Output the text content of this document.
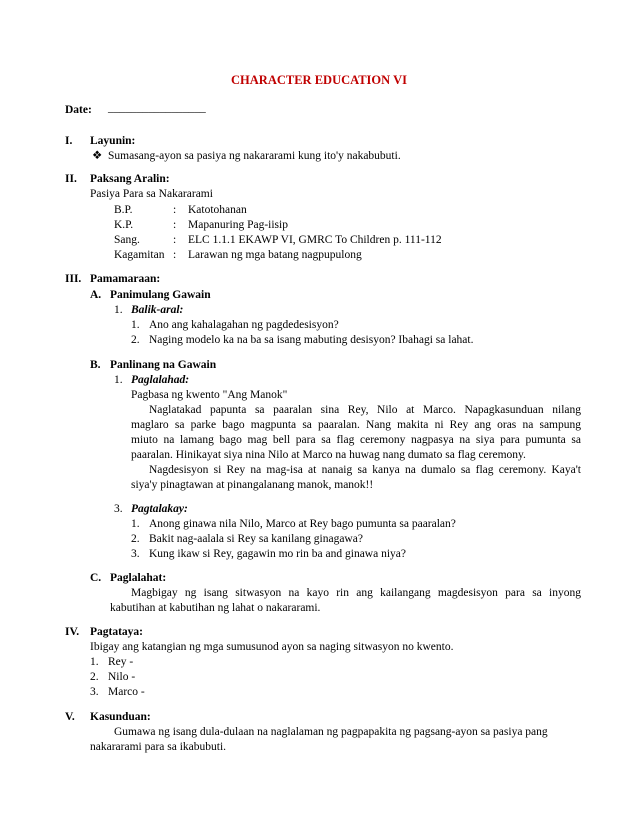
CHARACTER EDUCATION VI
Date: _________________
I. Layunin:
❖ Sumasang-ayon sa pasiya ng nakararami kung ito'y nakabubuti.
II. Paksang Aralin:
Pasiya Para sa Nakararami
B.P.	: Katotohanan
K.P.	: Mapanuring Pag-iisip
Sang.	: ELC 1.1.1 EKAWP VI, GMRC To Children p. 111-112
Kagamitan : Larawan ng mga batang nagpupulong
III. Pamamaraan:
A. Panimulang Gawain
1. Balik-aral:
1. Ano ang kahalagahan ng pagdedesisyon?
2. Naging modelo ka na ba sa isang mabuting desisyon? Ibahagi sa lahat.
B. Panlinang na Gawain
1. Paglalahad:
Pagbasa ng kwento "Ang Manok"
Naglatakad papunta sa paaralan sina Rey, Nilo at Marco. Napagkasunduan nilang
maglaro sa parke bago magpunta sa paaralan. Nang makita ni Rey ang oras na sampung
miuto na lamang bago mag bell para sa flag ceremony nagpasya na siya para pumunta sa
paaralan. Hinikayat siya nina Nilo at Marco na huwag nang dumato sa flag ceremony.
Nagdesisyon si Rey na mag-isa at nanaig sa kanya na dumalo sa flag ceremony. Kaya't
siya'y pinagtawan at pinangalanang manok, manok!!
3. Pagtalakay:
1. Anong ginawa nila Nilo, Marco at Rey bago pumunta sa paaralan?
2. Bakit nag-aalala si Rey sa kanilang ginagawa?
3. Kung ikaw si Rey, gagawin mo rin ba and ginawa niya?
C. Paglalahat:
Magbigay ng isang sitwasyon na kayo rin ang kailangang magdesisyon para sa inyong
kabutihan at kabutihan ng lahat o nakararami.
IV. Pagtataya:
Ibigay ang katangian ng mga sumusunod ayon sa naging sitwasyon no kwento.
1. Rey -
2. Nilo -
3. Marco -
V. Kasunduan:
Gumawa ng isang dula-dulaan na naglalaman ng pagpapakita ng pagsang-ayon sa pasiya pang
nakararami para sa ikabubuti.
